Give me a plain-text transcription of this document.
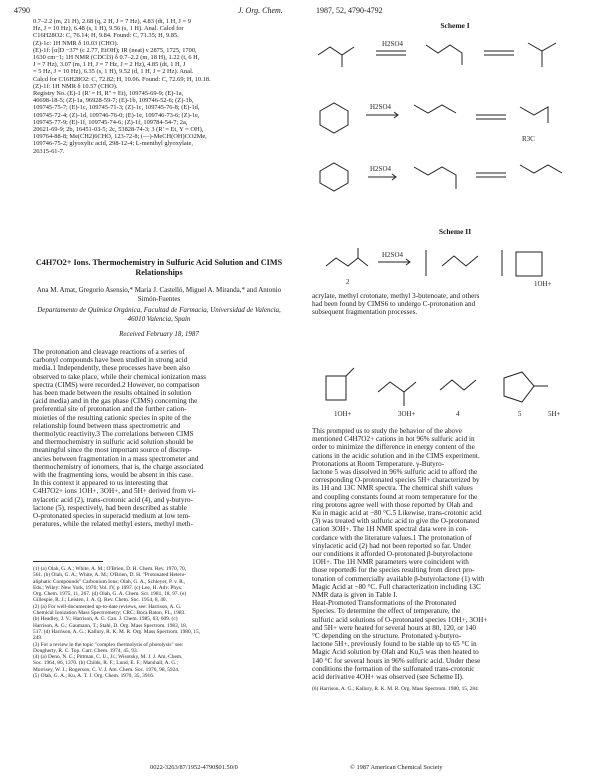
4790	J. Org. Chem.	1987, 52, 4790-4792
0.7–2.2 (m, 21 H), 2.68 (q, 2 H, J = 7 Hz), 4.83 (dt, 1 H, J = 9
Hz, J = 10 Hz), 6.48 (s, 1 H), 9.56 (s, 1 H). Anal. Calcd for
C16H28O2: C, 76.14; H, 9.84. Found: C, 71.35; H, 9.85.
(Z)-1c: 1H NMR δ 10.03 (CHO).
(E)-1f: [α]D −37° (c 2.77, EtOH); IR (neat) ν 2875, 1725, 1700,
1630 cm−1; 1H NMR (CDCl3) δ 0.7–2.2 (m, 18 H), 1.22 (t, 6 H,
J = 7 Hz), 3.07 (m, 1 H, J = 7 Hz, J = 2 Hz), 4.85 (dt, 1 H, J
= 5 Hz, J = 10 Hz), 6.35 (s, 1 H), 9.52 (d, 1 H, J = 2 Hz). Anal.
Calcd for C16H28O2: C, 72.82; H, 10.06. Found: C, 72.69; H, 10.18.
(Z)-1f: 1H NMR δ 10.57 (CHO).
Registry No. (E)-1 (R' = H, R'' = Et), 109745-69-9; (E)-1a,
40698-18-5; (Z)-1a, 96928-59-7; (E)-1b, 109746-52-6; (Z)-1b,
109745-75-7; (E)-1c, 109745-71-3; (Z)-1c, 109745-76-8; (E)-1d,
109745-72-4; (Z)-1d, 109746-76-0; (E)-1e, 109746-73-6; (Z)-1e,
109745-77-9; (E)-1f, 109745-74-6; (Z)-1f, 109784-54-7; 2a,
20621-69-9; 2b, 16451-03-5; 2c, 53828-74-3; 3 (R' = Et, Y = OH),
109764-88-8; Me(CH2)6CHO, 123-72-8; (—)-MeCH(OH)CO2Me,
109746-75-2; glyoxylic acid, 298-12-4; L-menthyl glyoxylate,
26315-61-7.
C4H7O2+ Ions. Thermochemistry in Sulfuric Acid Solution and CIMS Relationships
Ana M. Amat, Gregorio Asensio,* Maria J. Castelló, Miguel A. Miranda,* and Antonio Simón-Fuentes
Departamento de Química Orgánica, Facultad de Farmacia, Universidad de Valencia, 46010 Valencia, Spain
Received February 18, 1987
The protonation and cleavage reactions of a series of
carbonyl compounds have been studied in strong acid
media.1 Independently, these processes have been also
observed to take place, while their chemical ionization mass
spectra (CIMS) were recorded.2 However, no comparison
has been made between the results obtained in solution
(acid media) and in the gas phase (CIMS) concerning the
preferential site of protonation and the further cation-
moieties of the resulting cationic species in spite of the
relationship found between mass spectrometric and
thermolytic reactivity.3 The correlations between CIMS
and thermochemistry in sulfuric acid solution should be
meaningful since the most important source of discrep-
ancies between fragmentation in a mass spectrometer and
thermochemistry of ionomers, that is, the charge associated
with the fragmenting ions, would be absent in this case.
In this context it appeared to us interesting that
C4H7O2+ ions 1OH+, 3OH+, and 5H+ derived from vi-
nylacetic acid (2), trans-crotonic acid (4), and γ-butyro-
lactone (5), respectively, had been described as stable
O-protonated species in superacid medium at low tem-
peratures, while the related methyl esters, methyl meth-
(1) (a) Olah, G. A.; White, A. M.; O'Brien, D. H. Chem. Rev. 1970, 70,
561. (b) Olah, G. A.; White, A. M.; O'Brien, D. H. "Protonated Hetero-
aliphatic Compounds" Carbonium Ions; Olah, G. A., Schleyer, P. v. R.,
Eds.; Wiley: New York, 1976; Vol. IV, p 1697. (c) Lee, H. Adv. Phys.
Org. Chem. 1975, 11, 267. (d) Olah, G. A. Chem. Scr. 1981, 18, 97. (e)
Gillespie, R. J.; Leisten, J. A. Q. Rev. Chem. Soc. 1954, 8, 40.
(2) (a) For well-documented up-to-date reviews, see: Harrison, A. G.
Chemical Ionization Mass Spectrometry; CRC: Boca Raton, FL, 1983.
(b) Headley, J. V.; Harrison, A. G. Can. J. Chem. 1985, 63, 609. (c)
Harrison, A. G.; Gaumann, T.; Stahl, D. Org. Mass Spectrom. 1983, 18,
517. (d) Harrison, A. G.; Kallury, R. K. M. R. Org. Mass Spectrom. 1980, 15,
249.
(3) For a review in the topic "complex thermolysis of photolysis" see:
Dougherty, R. C. Top. Curr. Chem. 1974, 45, 93.
(4) (a) Deno, N. C.; Pittman, C. U., Jr.; Wisotsky, M. J. J. Am. Chem.
Soc. 1964, 86, 1370. (b) Childs, R. F.; Lund, E. F.; Marshall, A. G.;
Morrisey, W. J.; Rogerson, C. V. J. Am. Chem. Soc. 1976, 98, 5924.
(5) Olah, G. A.; Ku, A. T. J. Org. Chem. 1970, 35, 3916.
Scheme I
H2SO4
H2SO4
H2SO4
R3C
Scheme II
H2SO4
2	1OH+
acrylate, methyl crotonate, methyl 3-butenoate, and others
had been found by CIMS6 to undergo C-protonation and
subsequent fragmentation processes.
1OH+	3OH+	4	5	5H+
This prompted us to study the behavior of the above
mentioned C4H7O2+ cations in hot 96% sulfuric acid in
order to minimize the difference in energy content of the
cations in the acidic solution and in the CIMS experiment.
Protonations at Room Temperature. γ-Butyro-
lactone 5 was dissolved in 96% sulfuric acid to afford the
corresponding O-protonated species 5H+ characterized by
its 1H and 13C NMR spectra. The chemical shift values
and coupling constants found at room temperature for the
ring protons agree well with those reported by Olah and
Ku in magic acid at −80 °C.5 Likewise, trans-crotonic acid
(3) was treated with sulfuric acid to give the O-protonated
cation 3OH+. The 1H NMR spectral data were in con-
cordance with the literature values.1 The protonation of
vinylacetic acid (2) had not been reported so far. Under
our conditions it afforded O-protonated β-butyrolactone
1OH+. The 1H NMR parameters were coincident with
those reported6 for the species resulting from direct pro-
tonation of commercially available β-butyrolactone (1) with
Magic Acid at −80 °C. Full characterization including 13C
NMR data is given in Table I.
Heat-Promoted Transformations of the Protonated
Species. To determine the effect of temperature, the
sulfuric acid solutions of O-protonated species 1OH+, 3OH+
and 5H+ were heated for several hours at 80, 120, or 140
°C depending on the structure. Protonated γ-butyro-
lactone 5H+, previously found to be stable up to 65 °C in
Magic Acid solution by Olah and Ku,5 was then heated to
140 °C for several hours in 96% sulfuric acid. Under these
conditions the formation of the sulfonated trans-crotonic
acid derivative 4OH+ was observed (see Scheme II).
(6) Harrison, A. G.; Kallury, R. K. M. R. Org. Mass Spectrom. 1980, 15, 284.
0022-3263/87/1952-4790$01.50/0	© 1987 American Chemical Society
